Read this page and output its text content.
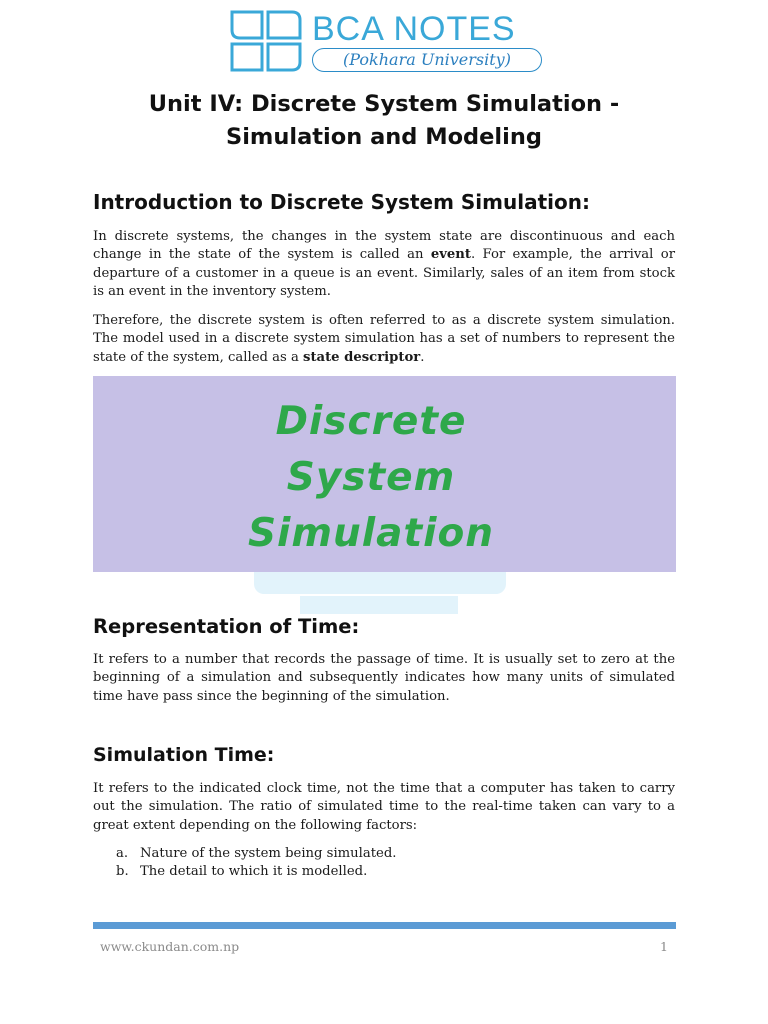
BCA NOTES
(Pokhara University)
Unit IV: Discrete System Simulation -
Simulation and Modeling
Introduction to Discrete System Simulation:

In discrete systems, the changes in the system state are discontinuous and each change in the state of the system is called an event. For example, the arrival or departure of a customer in a queue is an event. Similarly, sales of an item from stock is an event in the inventory system.

Therefore, the discrete system is often referred to as a discrete system simulation. The model used in a discrete system simulation has a set of numbers to represent the state of the system, called as a state descriptor.

Discrete
System
Simulation
Representation of Time:

It refers to a number that records the passage of time. It is usually set to zero at the beginning of a simulation and subsequently indicates how many units of simulated time have pass since the beginning of the simulation.

Simulation Time:

It refers to the indicated clock time, not the time that a computer has taken to carry out the simulation. The ratio of simulated time to the real-time taken can vary to a great extent depending on the following factors:

a. Nature of the system being simulated.
b. The detail to which it is modelled.
www.ckundan.com.np	1
